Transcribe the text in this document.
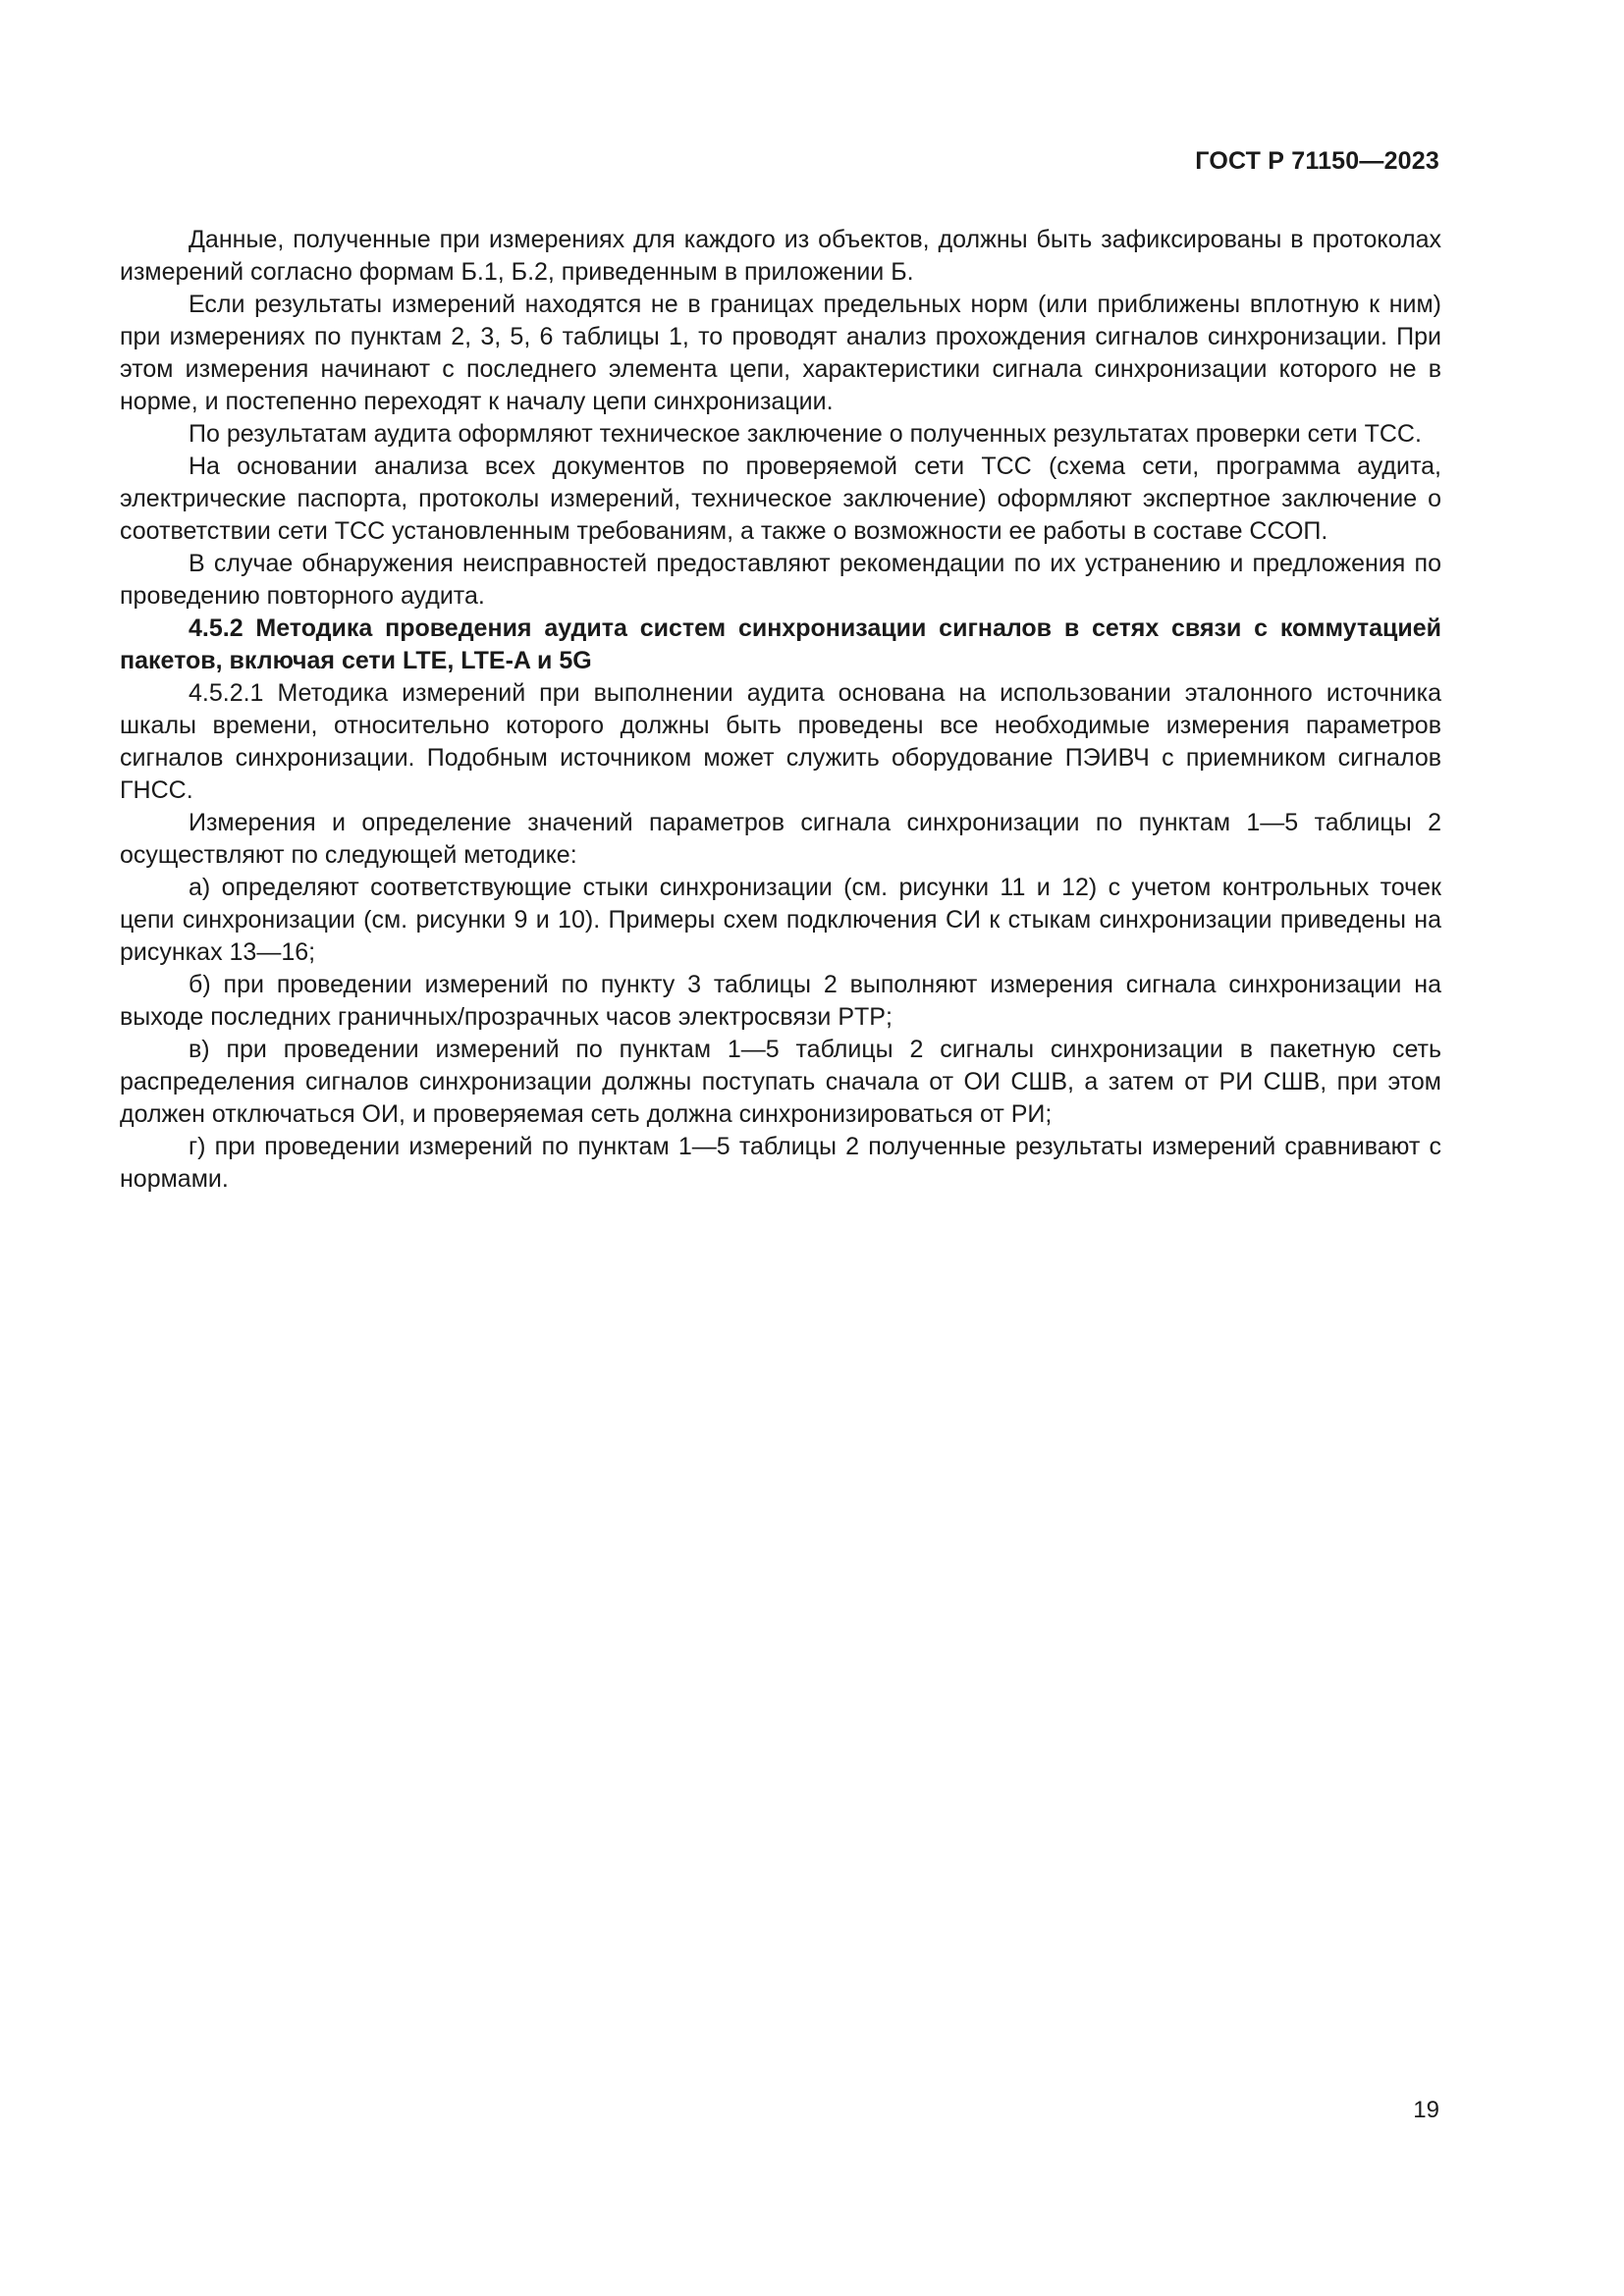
ГОСТ Р 71150—2023

Данные, полученные при измерениях для каждого из объектов, должны быть зафиксированы в протоколах измерений согласно формам Б.1, Б.2, приведенным в приложении Б.

Если результаты измерений находятся не в границах предельных норм (или приближены вплотную к ним) при измерениях по пунктам 2, 3, 5, 6 таблицы 1, то проводят анализ прохождения сигналов синхронизации. При этом измерения начинают с последнего элемента цепи, характеристики сигнала синхронизации которого не в норме, и постепенно переходят к началу цепи синхронизации.

По результатам аудита оформляют техническое заключение о полученных результатах проверки сети ТСС.

На основании анализа всех документов по проверяемой сети ТСС (схема сети, программа аудита, электрические паспорта, протоколы измерений, техническое заключение) оформляют экспертное заключение о соответствии сети ТСС установленным требованиям, а также о возможности ее работы в составе ССОП.

В случае обнаружения неисправностей предоставляют рекомендации по их устранению и предложения по проведению повторного аудита.

4.5.2 Методика проведения аудита систем синхронизации сигналов в сетях связи с коммутацией пакетов, включая сети LTE, LTE-A и 5G

4.5.2.1 Методика измерений при выполнении аудита основана на использовании эталонного источника шкалы времени, относительно которого должны быть проведены все необходимые измерения параметров сигналов синхронизации. Подобным источником может служить оборудование ПЭИВЧ с приемником сигналов ГНСС.

Измерения и определение значений параметров сигнала синхронизации по пунктам 1—5 таблицы 2 осуществляют по следующей методике:

а) определяют соответствующие стыки синхронизации (см. рисунки 11 и 12) с учетом контрольных точек цепи синхронизации (см. рисунки 9 и 10). Примеры схем подключения СИ к стыкам синхронизации приведены на рисунках 13—16;

б) при проведении измерений по пункту 3 таблицы 2 выполняют измерения сигнала синхронизации на выходе последних граничных/прозрачных часов электросвязи PTP;

в) при проведении измерений по пунктам 1—5 таблицы 2 сигналы синхронизации в пакетную сеть распределения сигналов синхронизации должны поступать сначала от ОИ СШВ, а затем от РИ СШВ, при этом должен отключаться ОИ, и проверяемая сеть должна синхронизироваться от РИ;

г) при проведении измерений по пунктам 1—5 таблицы 2 полученные результаты измерений сравнивают с нормами.

19
